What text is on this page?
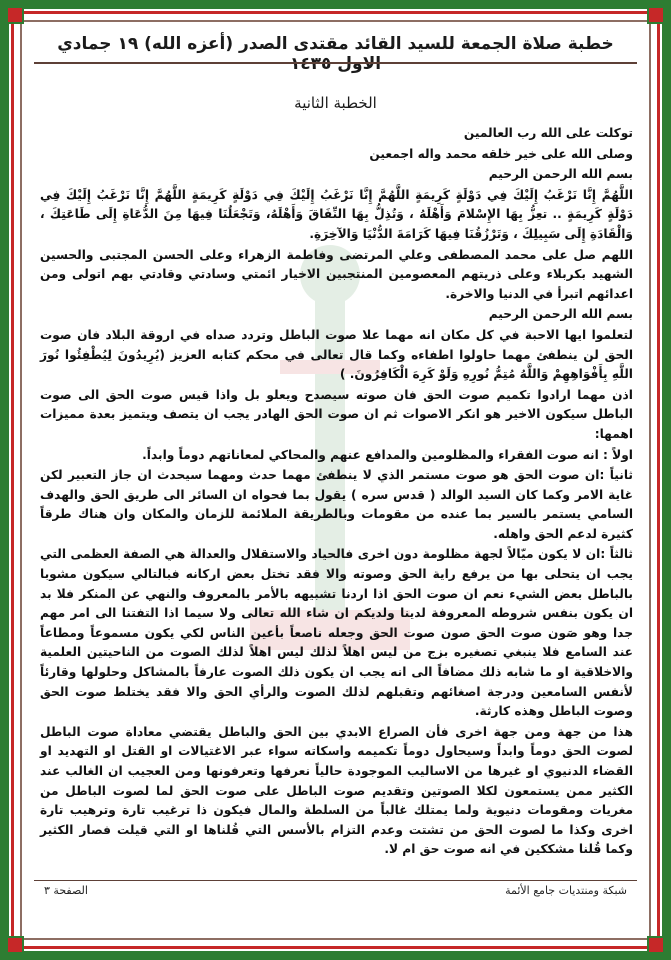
خطبة صلاة الجمعة للسيد القائد مقتدى الصدر (أعزه الله) ١٩ جمادي الاول ١٤٣٥
الخطبة الثانية

توكلت على الله رب العالمين

وصلى الله على خير خلقه محمد واله اجمعين

بسم الله الرحمن الرحيم

اللَّهُمَّ إِنَّا نَرْغَبُ إِلَيْكَ فِي دَوْلَةٍ كَرِيمَةٍ اللَّهُمَّ إِنَّا نَرْغَبُ إِلَيْكَ فِي دَوْلَةٍ كَرِيمَةٍ اللَّهُمَّ إِنَّا نَرْغَبُ إِلَيْكَ فِي دَوْلَةٍ كَرِيمَةٍ .. تعِزُّ بِهَا الإِسْلامَ وَأَهْلَهُ ، وَتُذِلُّ بِهَا النِّفَاقَ وَأَهْلَهُ، وَتَجْعَلُنَا فِيهَا مِنَ الدُّعَاةِ إِلَى طَاعَتِكَ ، وَالْقَادَةِ إِلَى سَبِيلِكَ ، وَتَرْزُقُنَا فِيهَا كَرَامَةَ الدُّنْيَا وَالآخِرَةِ.

اللهم صل على محمد المصطفى وعلي المرتضى وفاطمة الزهراء وعلى الحسن المجتبى والحسين الشهيد بكربلاء وعلى ذريتهم المعصومين المنتجبين الاخيار ائمتي وسادتي وقادتي بهم اتولى ومن اعدائهم اتبرأ في الدنيا والاخرة.

بسم الله الرحمن الرحيم

لتعلموا ايها الاحبة في كل مكان انه مهما علا صوت الباطل وتردد صداه في اروقة البلاد فان صوت الحق لن ينطفئ مهما حاولوا اطفاءه وكما قال تعالى في محكم كتابه العزيز (يُرِيدُونَ لِيُطْفِئُوا نُورَ اللَّهِ بِأَفْوَاهِهِمْ وَاللَّهُ مُتِمُّ نُورِهِ وَلَوْ كَرِهَ الْكَافِرُونَ. )

اذن مهما ارادوا تكميم صوت الحق فان صوته سيصدح ويعلو بل واذا قيس صوت الحق الى صوت الباطل سيكون الاخير هو انكر الاصوات ثم ان صوت الحق الهادر يجب ان يتصف ويتميز بعدة مميزات اهمها:

اولاً : انه صوت الفقراء والمظلومين والمدافع عنهم والمحاكي لمعاناتهم دوماً وابداً.

ثانياً :ان صوت الحق هو صوت مستمر الذي لا ينطفئ مهما حدث ومهما سيحدث ان جاز التعبير لكن غاية الامر وكما كان السيد الوالد ( قدس سره ) يقول بما فحواه ان السائر الى طريق الحق والهدف السامي يستمر بالسير بما عنده من مقومات وبالطريقة الملائمة للزمان والمكان وان هناك طرقاً كثيرة لدعم الحق واهله.

ثالثاً :ان لا يكون ميّالاً لجهة مظلومة دون اخرى فالحياد والاستقلال والعدالة هي الصفة العظمى التي يجب ان يتحلى بها من يرفع راية الحق وصوته والا فقد تختل بعض اركانه فبالتالي سيكون مشوبا بالباطل بعض الشيء نعم ان صوت الحق اذا اردنا تشبيهه بالأمر بالمعروف والنهي عن المنكر فلا بد ان يكون بنفس شروطه المعروفة لدينا ولديكم ان شاء الله تعالى ولا سيما اذا التفتنا الى امر مهم جدا وهو صَون صوت الحق صون صوت الحق وجعله ناصعاً بأعين الناس لكي يكون مسموعاً ومطاعاً عند السامع فلا ينبغي تصغيره بزج من ليس اهلاً لذلك ليس اهلاً لذلك الصوت من الناحيتين العلمية والاخلاقية او ما شابه ذلك مضافاً الى انه يجب ان يكون ذلك الصوت عارفاً بالمشاكل وحلولها وقارئاً لأنفس السامعين ودرجة اصغائهم وتقبلهم لذلك الصوت والرأي الحق والا فقد يختلط صوت الحق وصوت الباطل وهذه كارثة.

هذا من جهة ومن جهة اخرى فأن الصراع الابدي بين الحق والباطل يقتضي معاداة صوت الباطل لصوت الحق دوماً وابداً وسيحاول دوماً تكميمه واسكاته سواء عبر الاغتيالات او القتل او التهديد او القضاء الدنيوي او غيرها من الاساليب الموجودة حالياً نعرفها وتعرفونها ومن العجيب ان الغالب عند الكثير ممن يستمعون لكلا الصوتين وتقديم صوت الباطل على صوت الحق لما لصوت الباطل من مغريات ومقومات دنيوية ولما يمتلك غالباً من السلطة والمال فيكون ذا ترغيب تارة وترهيب تارة اخرى وكذا ما لصوت الحق من تشتت وعدم التزام بالأسس التي قُلناها او التي قيلت فصار الكثير وكما قُلنا مشككين في انه صوت حق ام لا.

شبكة ومنتديات جامع الأئمة
الصفحة ٣
